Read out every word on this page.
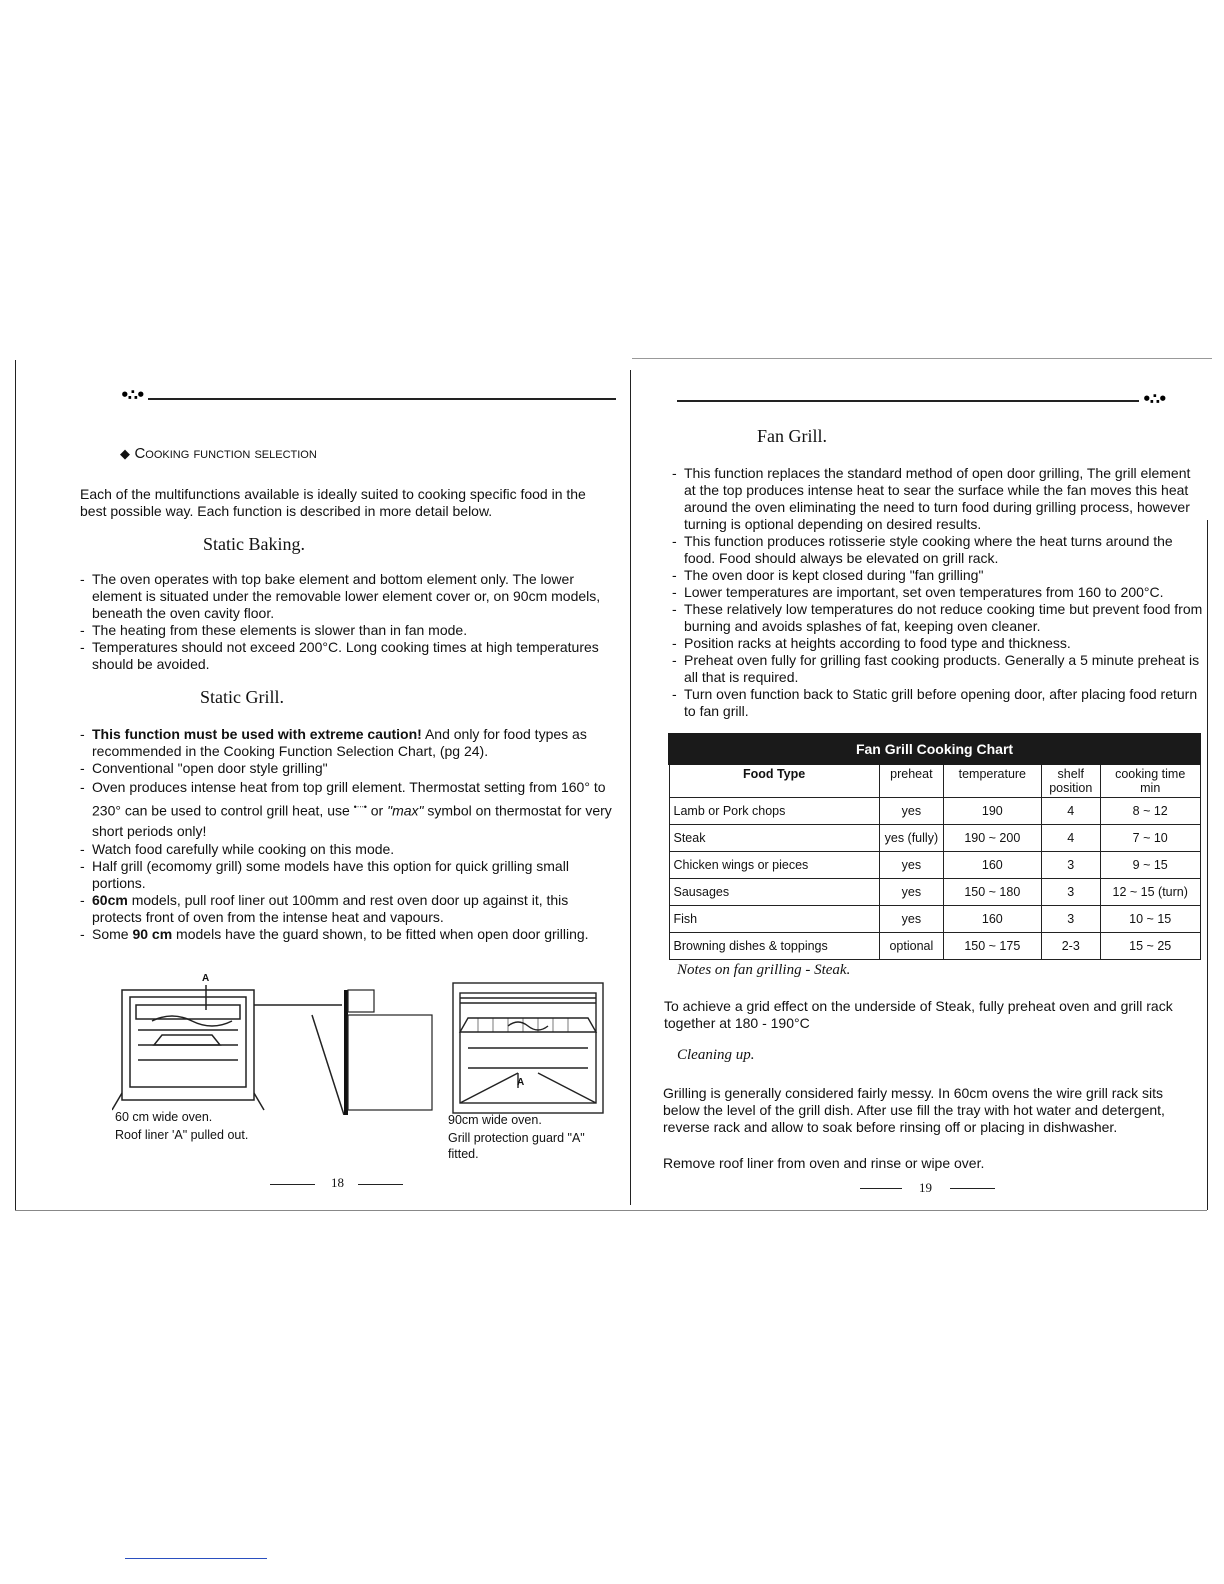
•∴•
◆ Cooking function selection

Each of the multifunctions available is ideally suited to cooking specific food in the best possible way. Each function is described in more detail below.

Static Baking.
- The oven operates with top bake element and bottom element only. The lower element is situated under the removable lower element cover or, on 90cm models, beneath the oven cavity floor.
- The heating from these elements is slower than in fan mode.
- Temperatures should not exceed 200°C. Long cooking times at high temperatures should be avoided.
Static Grill.
- This function must be used with extreme caution! And only for food types as recommended in the Cooking Function Selection Chart, (pg 24).
- Conventional "open door style grilling"
- Oven produces intense heat from top grill element. Thermostat setting from 160° to 230° can be used to control grill heat, use $^{•ᐧᐧᐧ•}$ or "max" symbol on thermostat for very short periods only!
- Watch food carefully while cooking on this mode.
- Half grill (ecomomy grill) some models have this option for quick grilling small portions.
- 60cm models, pull roof liner out 100mm and rest oven door up against it, this protects front of oven from the intense heat and vapours.
- Some 90 cm models have the guard shown, to be fitted when open door grilling.
A

60 cm wide oven.

Roof liner 'A" pulled out.

A

90cm wide oven.

Grill protection guard "A"

fitted.

18
•∴•
Fan Grill.
- This function replaces the standard method of open door grilling, The grill element at the top produces intense heat to sear the surface while the fan moves this heat around the oven eliminating the need to turn food during grilling process, however turning is optional depending on desired results.
- This function produces rotisserie style cooking where the heat turns around the food. Food should always be elevated on grill rack.
- The oven door is kept closed during "fan grilling"
- Lower temperatures are important, set oven temperatures from 160 to 200°C.
- These relatively low temperatures do not reduce cooking time but prevent food from burning and avoids splashes of fat, keeping oven cleaner.
- Position racks at heights according to food type and thickness.
- Preheat oven fully for grilling fast cooking products. Generally a 5 minute preheat is all that is required.
- Turn oven function back to Static grill before opening door, after placing food return to fan grill.
Fan Grill Cooking Chart				
Food Type	preheat	temperature	shelf position	cooking time min
Lamb or Pork chops	yes	190	4	8 ~ 12
Steak	yes (fully)	190 ~ 200	4	7 ~ 10
Chicken wings or pieces	yes	160	3	9 ~ 15
Sausages	yes	150 ~ 180	3	12 ~ 15 (turn)
Fish	yes	160	3	10 ~ 15
Browning dishes & toppings	optional	150 ~ 175	2-3	15 ~ 25
Notes on fan grilling - Steak.

To achieve a grid effect on the underside of Steak, fully preheat oven and grill rack together at 180 - 190°C

Cleaning up.

Grilling is generally considered fairly messy. In 60cm ovens the wire grill rack sits below the level of the grill dish. After use fill the tray with hot water and detergent, reverse rack and allow to soak before rinsing off or placing in dishwasher.

Remove roof liner from oven and rinse or wipe over.

19
